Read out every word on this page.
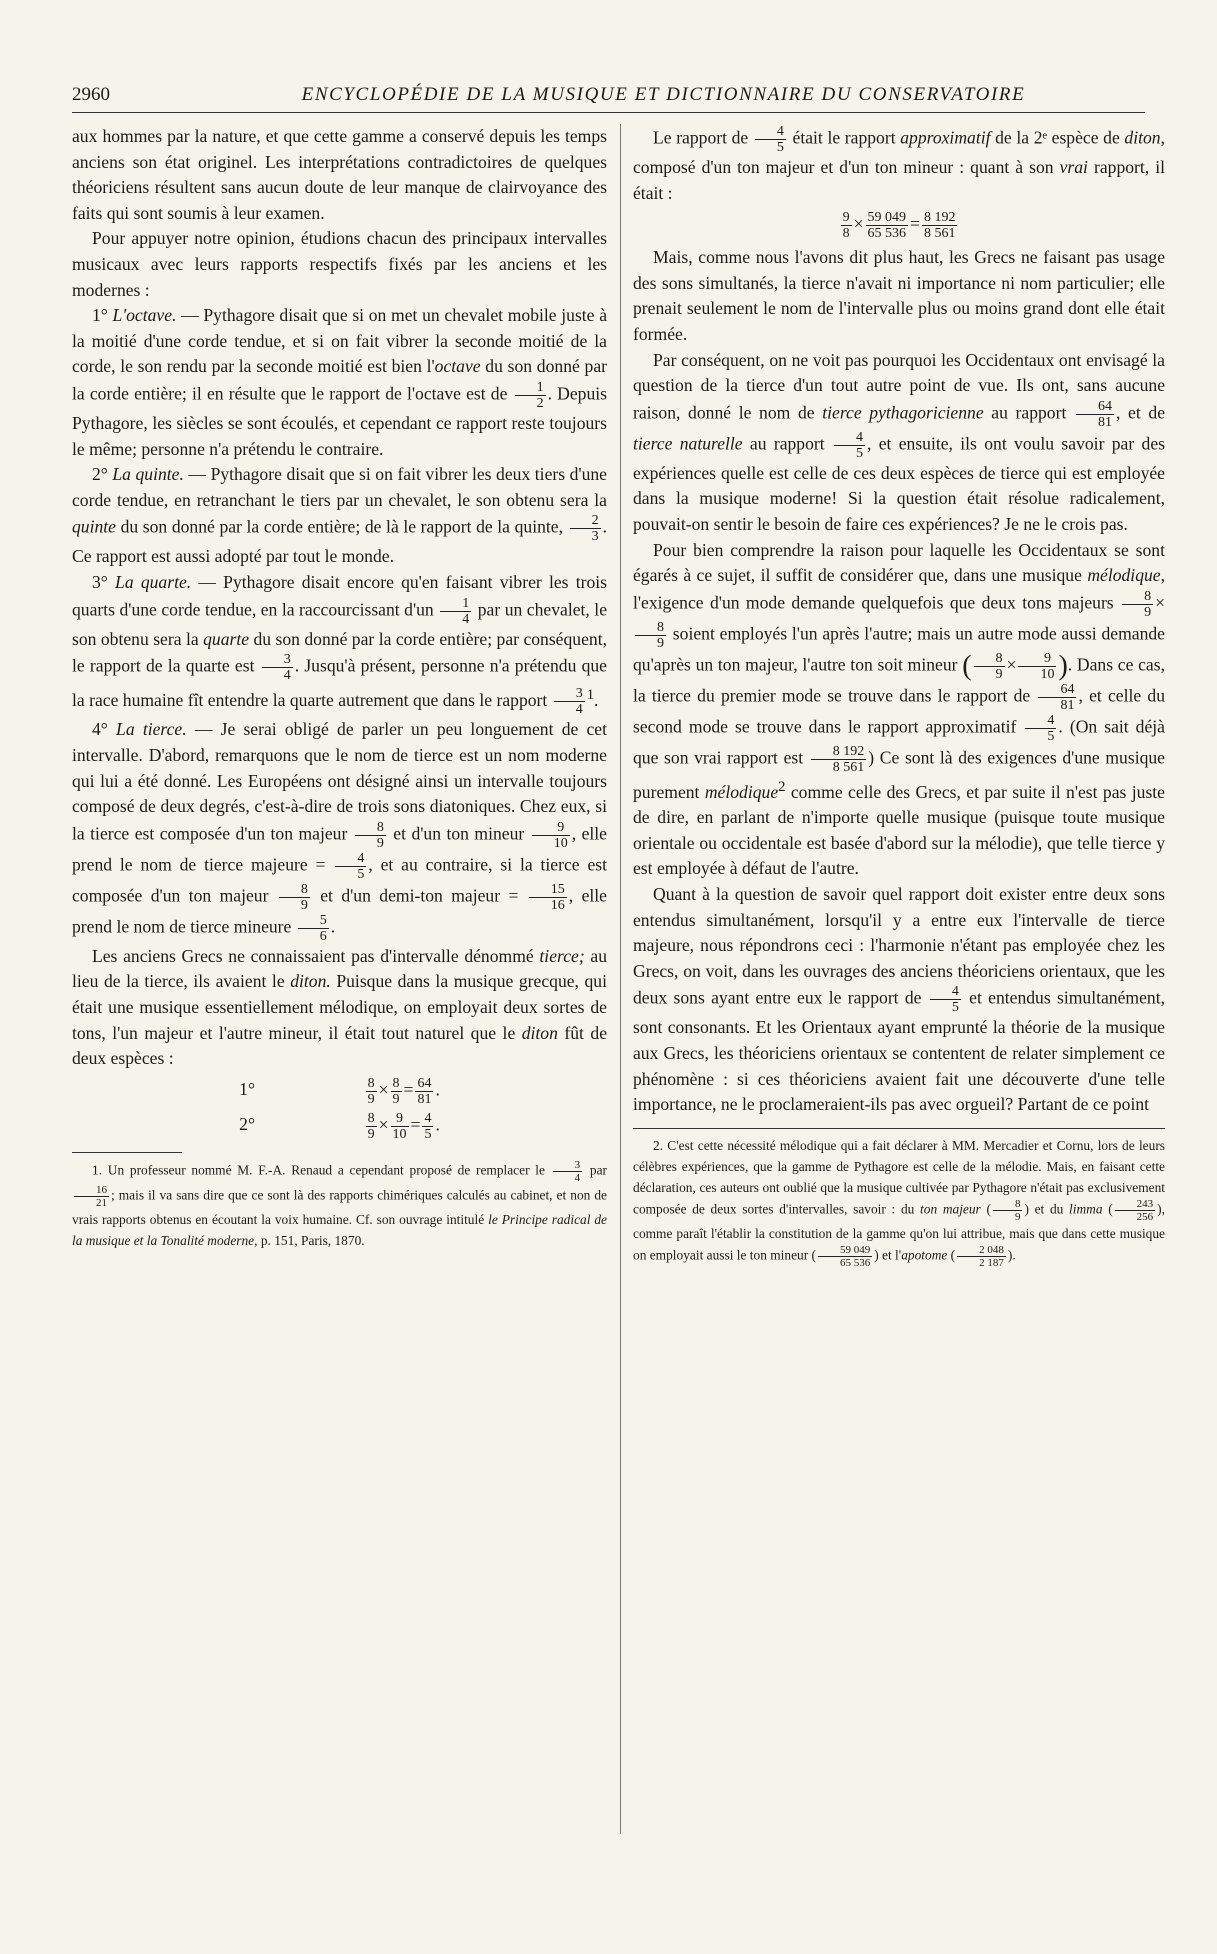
2960	ENCYCLOPÉDIE DE LA MUSIQUE ET DICTIONNAIRE DU CONSERVATOIRE

aux hommes par la nature, et que cette gamme a conservé depuis les temps anciens son état originel. Les interprétations contradictoires de quelques théoriciens résultent sans aucun doute de leur manque de clairvoyance des faits qui sont soumis à leur examen.

Pour appuyer notre opinion, étudions chacun des principaux intervalles musicaux avec leurs rapports respectifs fixés par les anciens et les modernes :

1° L'octave. — Pythagore disait que si on met un chevalet mobile juste à la moitié d'une corde tendue, et si on fait vibrer la seconde moitié de la corde, le son rendu par la seconde moitié est bien l'octave du son donné par la corde entière; il en résulte que le rapport de l'octave est de $\frac{1}{2}$ . Depuis Pythagore, les siècles se sont écoulés, et cependant ce rapport reste toujours le même; personne n'a prétendu le contraire.

2° La quinte. — Pythagore disait que si on fait vibrer les deux tiers d'une corde tendue, en retranchant le tiers par un chevalet, le son obtenu sera la quinte du son donné par la corde entière; de là le rapport de la quinte, $\frac{2}{3}$ . Ce rapport est aussi adopté par tout le monde.

3° La quarte. — Pythagore disait encore qu'en faisant vibrer les trois quarts d'une corde tendue, en la raccourcissant $d'un \frac{1}{4}$ par un chevalet, le son obtenu sera la quarte du son donné par la corde entière; par conséquent, le rapport de la quarte est $\frac{3}{4}$ . Jusqu'à présent, personne n'a prétendu que la race humaine fît entendre la quarte autrement que dans le rapport $\frac{3}{4} ^1$.

4° La tierce. — Je serai obligé de parler un peu longuement de cet intervalle. D'abord, remarquons que le nom de tierce est un nom moderne qui lui a été donné. Les Européens ont désigné ainsi un intervalle toujours composé de deux degrés, c'est-à-dire de trois sons diatoniques. Chez eux, si la tierce est composée d'un ton majeur $\frac{8}{9}$ et d'un ton mineur $\frac{9}{10}$ , elle prend le nom de tierce majeure = $\frac{4}{5}$ , et au contraire, si la tierce est composée d'un ton majeur $\frac{8}{9}$ et d'un demi-ton majeur = $\frac{15}{16}$ , elle prend le nom de tierce mineure $\frac{5}{6}$ .

Les anciens Grecs ne connaissaient pas d'intervalle dénommé tierce; au lieu de la tierce, ils avaient le diton. Puisque dans la musique grecque, qui était une musique essentiellement mélodique, on employait deux sortes de tons, l'un majeur et l'autre mineur, il était tout naturel que le diton fût de deux espèces :

1°	$\frac{8}{9} \times \frac{8}{9} = \frac{64}{81}$ .
2°	$\frac{8}{9} \times \frac{9}{10} = \frac{4}{5}$ .

1. Un professeur nommé M. F.-A. Renaud a cependant proposé de remplacer le $\frac{3}{4}$ par
$\frac{16}{21}$ ; mais il va sans dire que ce sont là des rapports chimériques calculés au cabinet, et non de vrais rapports obtenus en écoutant la voix humaine. Cf. son ouvrage intitulé le Principe radical de la musique et la Tonalité moderne, p. 151, Paris, 1870.

Le rapport de $\frac{4}{5}$ était le rapport approximatif de la 2ᵉ espèce de diton, composé d'un ton majeur et d'un ton mineur : quant à son vrai rapport, il était :

$\frac{9}{8} \times \frac{59 049}{65 536} = \frac{8 192}{8 561}$

Mais, comme nous l'avons dit plus haut, les Grecs ne faisant pas usage des sons simultanés, la tierce n'avait ni importance ni nom particulier; elle prenait seulement le nom de l'intervalle plus ou moins grand dont elle était formée.

Par conséquent, on ne voit pas pourquoi les Occidentaux ont envisagé la question de la tierce d'un tout autre point de vue. Ils ont, sans aucune raison, donné le nom de tierce pythagoricienne au rapport $\frac{64}{81}$ , et de tierce naturelle au rapport $\frac{4}{5}$ , et ensuite, ils ont voulu savoir par des expériences quelle est celle de ces deux espèces de tierce qui est employée dans la musique moderne! Si la question était résolue radicalement, pouvait-on sentir le besoin de faire ces expériences? Je ne le crois pas.

Pour bien comprendre la raison pour laquelle les Occidentaux se sont égarés à ce sujet, il suffit de considérer que, dans une musique mélodique, l'exigence d'un mode demande quelquefois que deux tons majeurs $\frac{8}{9}$ ×
$\frac{8}{9}$ soient employés l'un après l'autre; mais un autre mode aussi demande qu'après un ton majeur, l'autre ton soit mineur ( $\frac{8}{9} \times \frac{9}{10}$ ). Dans ce cas, la tierce du premier mode se trouve dans le rapport de $\frac{64}{81}$ , et celle du second mode se trouve dans le rapport approximatif $\frac{4}{5}$ . (On sait déjà que son vrai rapport est $\frac{8 192}{8 561}$ ) Ce sont là des exigences d'une musique purement mélodique$^2$ comme celle des Grecs, et par suite il n'est pas juste de dire, en parlant de n'importe quelle musique (puisque toute musique orientale ou occidentale est basée d'abord sur la mélodie), que telle tierce y est employée à défaut de l'autre.

Quant à la question de savoir quel rapport doit exister entre deux sons entendus simultanément, lorsqu'il y a entre eux l'intervalle de tierce majeure, nous répondrons ceci : l'harmonie n'étant pas employée chez les Grecs, on voit, dans les ouvrages des anciens théoriciens orientaux, que les deux sons ayant entre eux le rapport de $\frac{4}{5}$ et entendus simultanément, sont consonants. Et les Orientaux ayant emprunté la théorie de la musique aux Grecs, les théoriciens orientaux se contentent de relater simplement ce phénomène : si ces théoriciens avaient fait une découverte d'une telle importance, ne le proclameraient-ils pas avec orgueil? Partant de ce point

2. C'est cette nécessité mélodique qui a fait déclarer à MM. Mercadier et Cornu, lors de leurs célèbres expériences, que la gamme de Pythagore est celle de la mélodie. Mais, en faisant cette déclaration, ces auteurs ont oublié que la musique cultivée par Pythagore n'était pas exclusivement composée de deux sortes d'intervalles, savoir : du ton majeur ( $\frac{8}{9}$ ) et du limma ( $\frac{243}{256}$ ), comme paraît l'établir la constitution de la gamme qu'on lui attribue, mais que dans cette musique on employait aussi le ton mineur ( $\frac{59 049}{65 536}$ ) et l'apotome ( $\frac{2 048}{2 187}$ ).
